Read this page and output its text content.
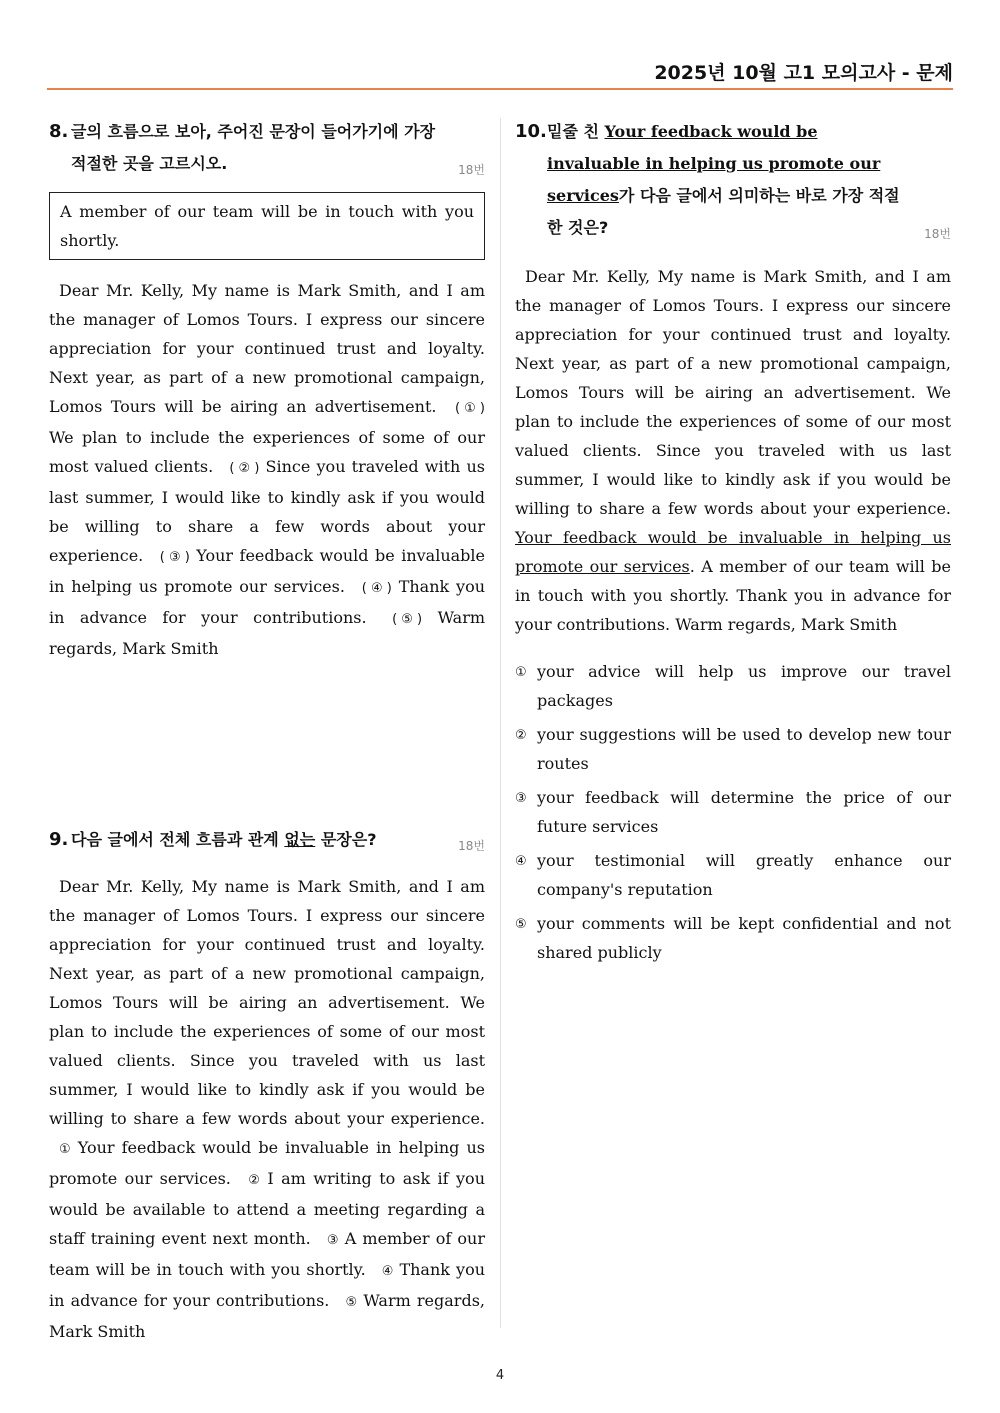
2025년 10월 고1 모의고사 - 문제
8. 글의 흐름으로 보아, 주어진 문장이 들어가기에 가장 적절한 곳을 고르시오.	18번
A member of our team will be in touch with you shortly.

Dear Mr. Kelly, My name is Mark Smith, and I am the manager of Lomos Tours. I express our sincere appreciation for your continued trust and loyalty. Next year, as part of a new promotional campaign, Lomos Tours will be airing an advertisement. ( ① ) We plan to include the experiences of some of our most valued clients. ( ② ) Since you traveled with us last summer, I would like to kindly ask if you would be willing to share a few words about your experience. ( ③ ) Your feedback would be invaluable in helping us promote our services. ( ④ ) Thank you in advance for your contributions. ( ⑤ ) Warm regards, Mark Smith

9. 다음 글에서 전체 흐름과 관계 없는 문장은?	18번

Dear Mr. Kelly, My name is Mark Smith, and I am the manager of Lomos Tours. I express our sincere appreciation for your continued trust and loyalty. Next year, as part of a new promotional campaign, Lomos Tours will be airing an advertisement. We plan to include the experiences of some of our most valued clients. Since you traveled with us last summer, I would like to kindly ask if you would be willing to share a few words about your experience. ① Your feedback would be invaluable in helping us promote our services. ② I am writing to ask if you would be available to attend a meeting regarding a staff training event next month. ③ A member of our team will be in touch with you shortly. ④ Thank you in advance for your contributions. ⑤ Warm regards, Mark Smith

10. 밑줄 친 Your feedback would be invaluable in helping us promote our services가 다음 글에서 의미하는 바로 가장 적절한 것은?	18번

Dear Mr. Kelly, My name is Mark Smith, and I am the manager of Lomos Tours. I express our sincere appreciation for your continued trust and loyalty. Next year, as part of a new promotional campaign, Lomos Tours will be airing an advertisement. We plan to include the experiences of some of our most valued clients. Since you traveled with us last summer, I would like to kindly ask if you would be willing to share a few words about your experience. Your feedback would be invaluable in helping us promote our services. A member of our team will be in touch with you shortly. Thank you in advance for your contributions. Warm regards, Mark Smith

① your advice will help us improve our travel packages
② your suggestions will be used to develop new tour routes
③ your feedback will determine the price of our future services
④ your testimonial will greatly enhance our company's reputation
⑤ your comments will be kept confidential and not shared publicly
4
